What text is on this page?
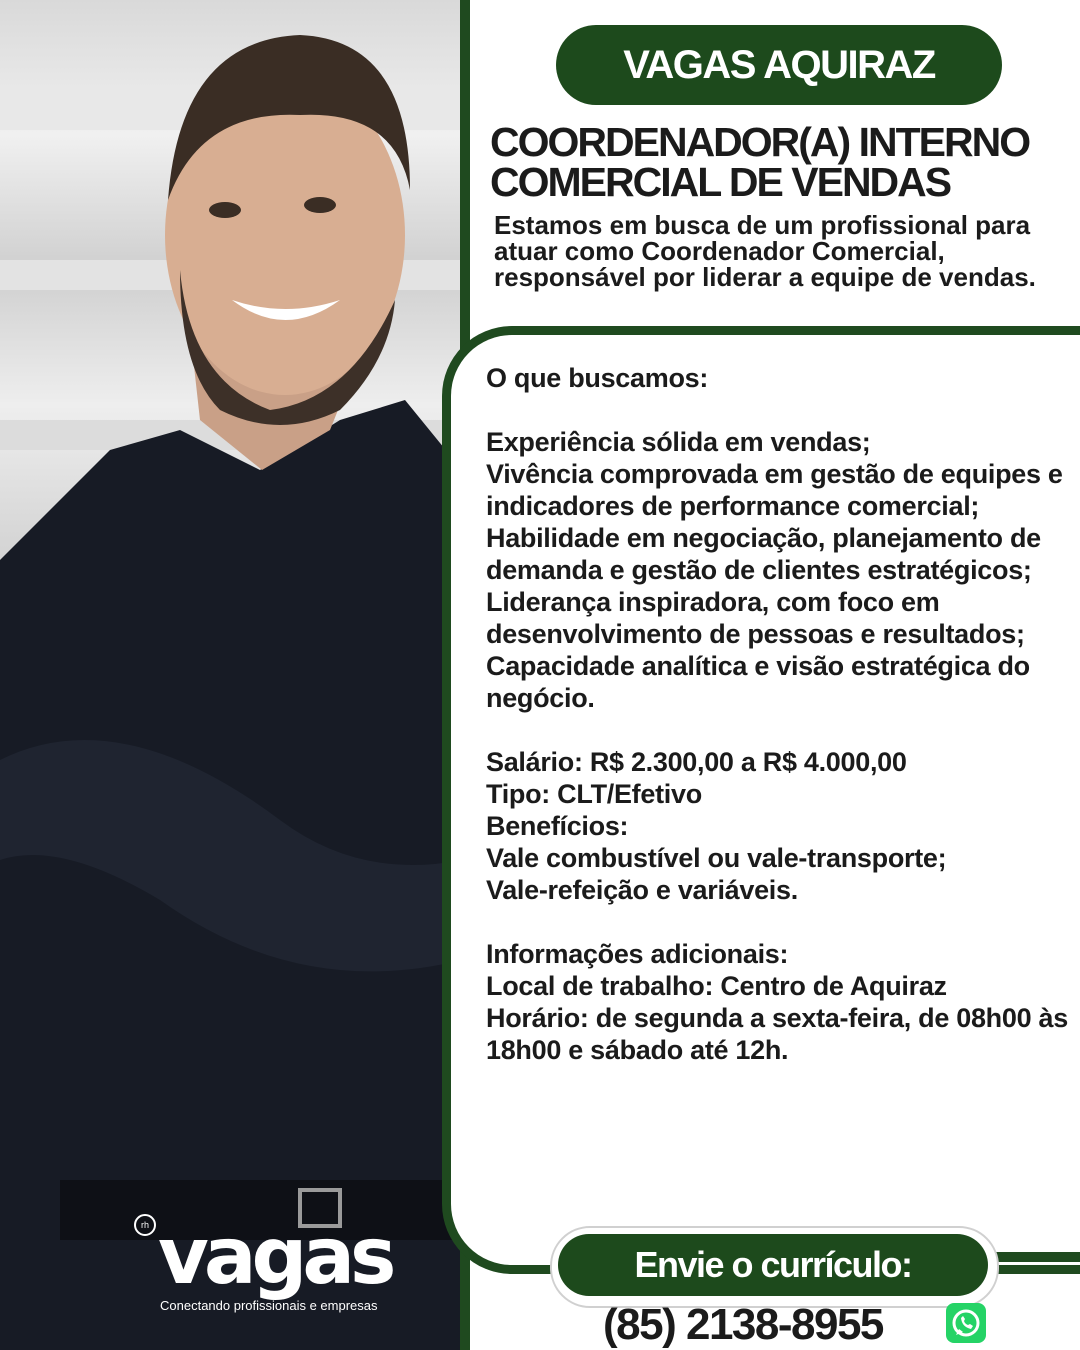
VAGAS AQUIRAZ
COORDENADOR(A) INTERNO
COMERCIAL DE VENDAS
Estamos em busca de um profissional para atuar como Coordenador Comercial, responsável por liderar a equipe de vendas.

O que buscamos:

Experiência sólida em vendas;

Vivência comprovada em gestão de equipes e indicadores de performance comercial;

Habilidade em negociação, planejamento de demanda e gestão de clientes estratégicos;

Liderança inspiradora, com foco em desenvolvimento de pessoas e resultados;

Capacidade analítica e visão estratégica do negócio.

Salário: R$ 2.300,00 a R$ 4.000,00

Tipo: CLT/Efetivo

Benefícios:

Vale combustível ou vale-transporte;

Vale-refeição e variáveis.

Informações adicionais:

Local de trabalho: Centro de Aquiraz

Horário: de segunda a sexta-feira, de 08h00 às 18h00 e sábado até 12h.

Envie o currículo:
(85) 2138-8955
rh vagas
Conectando profissionais e empresas
